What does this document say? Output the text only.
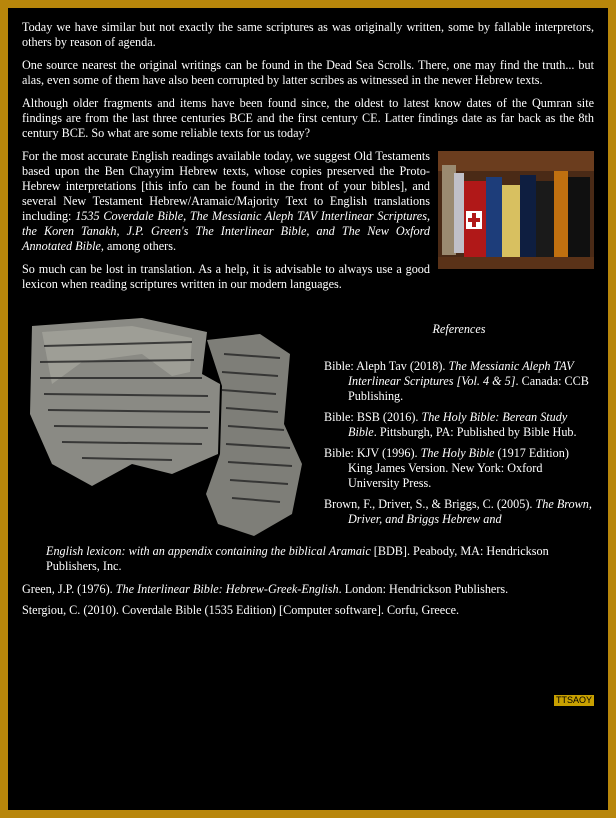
Today we have similar but not exactly the same scriptures as was originally written, some by fallable interpretors, others by reason of agenda.

One source nearest the original writings can be found in the Dead Sea Scrolls. There, one may find the truth... but alas, even some of them have also been corrupted by latter scribes as witnessed in the newer Hebrew texts.

Although older fragments and items have been found since, the oldest to latest know dates of the Qumran site findings are from the last three centuries BCE and the first century CE. Latter findings date as far back as the 8th century BCE. So what are some reliable texts for us today?

For the most accurate English readings available today, we suggest Old Testaments based upon the Ben Chayyim Hebrew texts, whose copies preserved the Proto-Hebrew interpretations [this info can be found in the front of your bibles], and several New Testament Hebrew/Aramaic/Majority Text to English translations including: 1535 Coverdale Bible, The Messianic Aleph TAV Interlinear Scriptures, the Koren Tanakh, J.P. Green's The Interlinear Bible, and The New Oxford Annotated Bible, among others.

So much can be lost in translation. As a help, it is advisable to always use a good lexicon when reading scriptures written in our modern languages.

References
Bible: Aleph Tav (2018). The Messianic Aleph TAV Interlinear Scriptures [Vol. 4 & 5]. Canada: CCB Publishing.
Bible: BSB (2016). The Holy Bible: Berean Study Bible. Pittsburgh, PA: Published by Bible Hub.
Bible: KJV (1996). The Holy Bible (1917 Edition) King James Version. New York: Oxford University Press.
Brown, F., Driver, S., & Briggs, C. (2005). The Brown, Driver, and Briggs Hebrew and
English lexicon: with an appendix containing the biblical Aramaic [BDB]. Peabody, MA: Hendrickson Publishers, Inc.
Green, J.P. (1976). The Interlinear Bible: Hebrew-Greek-English. London: Hendrickson Publishers.
Stergiou, C. (2010). Coverdale Bible (1535 Edition) [Computer software]. Corfu, Greece.
TTSAOY
